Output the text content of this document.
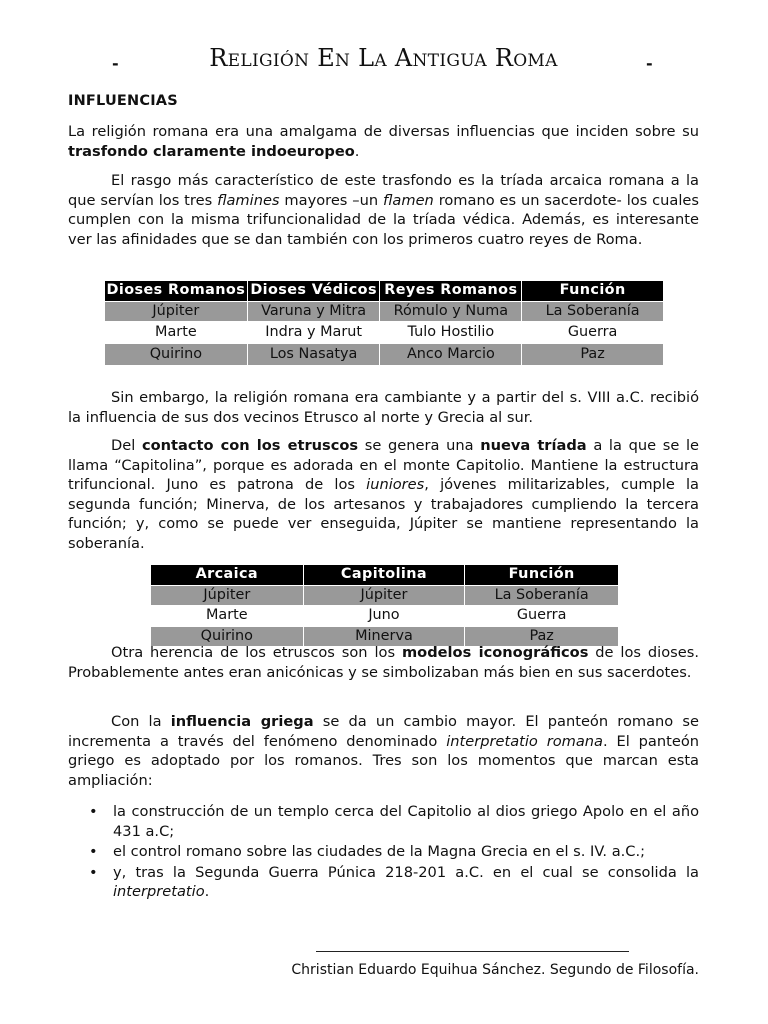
-	Religión En La Antigua Roma	-
INFLUENCIAS

La religión romana era una amalgama de diversas influencias que inciden sobre su trasfondo claramente indoeuropeo.

El rasgo más característico de este trasfondo es la tríada arcaica romana a la que servían los tres flamines mayores –un flamen romano es un sacerdote- los cuales cumplen con la misma trifuncionalidad de la tríada védica. Además, es interesante ver las afinidades que se dan también con los primeros cuatro reyes de Roma.

Dioses Romanos	Dioses Védicos	Reyes Romanos	Función
Júpiter	Varuna y Mitra	Rómulo y Numa	La Soberanía
Marte	Indra y Marut	Tulo Hostilio	Guerra
Quirino	Los Nasatya	Anco Marcio	Paz

Sin embargo, la religión romana era cambiante y a partir del s. VIII a.C. recibió la influencia de sus dos vecinos Etrusco al norte y Grecia al sur.

Del contacto con los etruscos se genera una nueva tríada a la que se le llama “Capitolina”, porque es adorada en el monte Capitolio. Mantiene la estructura trifuncional. Juno es patrona de los iuniores, jóvenes militarizables, cumple la segunda función; Minerva, de los artesanos y trabajadores cumpliendo la tercera función; y, como se puede ver enseguida, Júpiter se mantiene representando la soberanía.

Arcaica	Capitolina	Función
Júpiter	Júpiter	La Soberanía
Marte	Juno	Guerra
Quirino	Minerva	Paz

Otra herencia de los etruscos son los modelos iconográficos de los dioses. Probablemente antes eran anicónicas y se simbolizaban más bien en sus sacerdotes.

Con la influencia griega se da un cambio mayor. El panteón romano se incrementa a través del fenómeno denominado interpretatio romana. El panteón griego es adoptado por los romanos. Tres son los momentos que marcan esta ampliación:

• la construcción de un templo cerca del Capitolio al dios griego Apolo en el año 431 a.C;
• el control romano sobre las ciudades de la Magna Grecia en el s. IV. a.C.;
• y, tras la Segunda Guerra Púnica 218-201 a.C. en el cual se consolida la interpretatio.
Christian Eduardo Equihua Sánchez. Segundo de Filosofía.
